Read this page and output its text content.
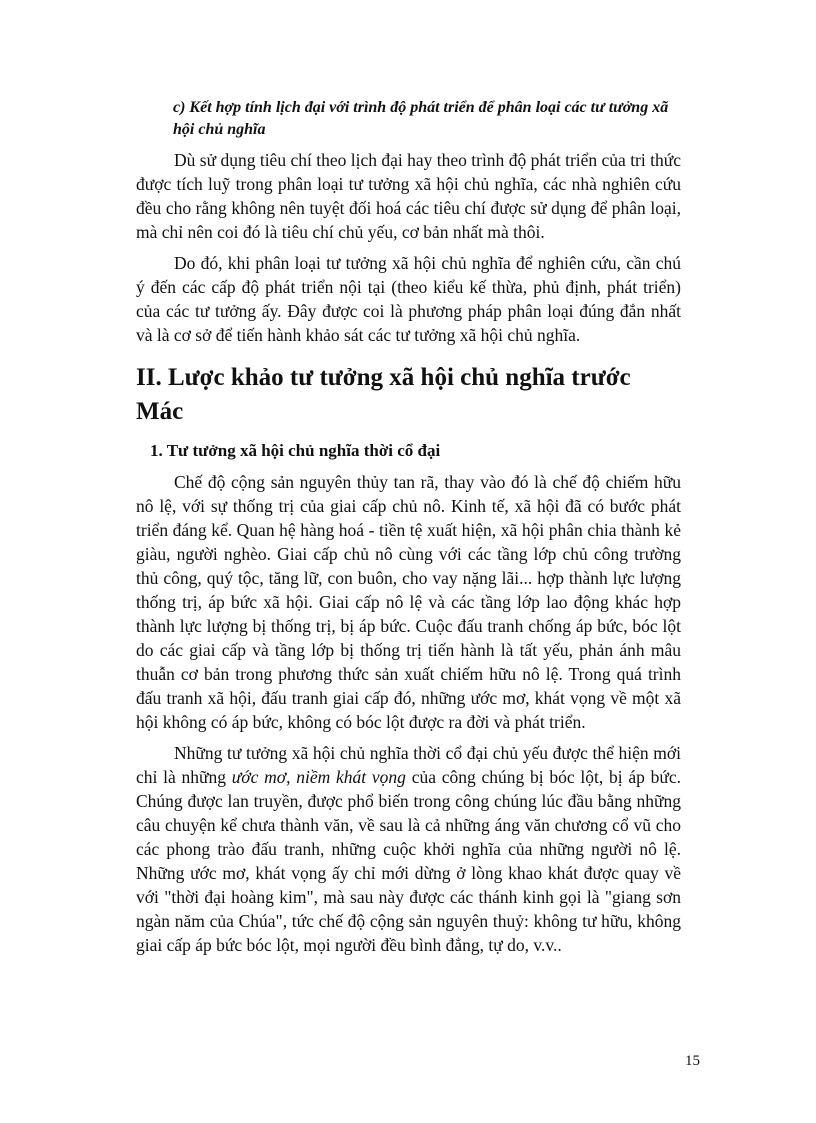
c) Kết hợp tính lịch đại với trình độ phát triển để phân loại các tư tưởng xã hội chủ nghĩa

Dù sử dụng tiêu chí theo lịch đại hay theo trình độ phát triển của tri thức được tích luỹ trong phân loại tư tưởng xã hội chủ nghĩa, các nhà nghiên cứu đều cho rằng không nên tuyệt đối hoá các tiêu chí được sử dụng để phân loại, mà chỉ nên coi đó là tiêu chí chủ yếu, cơ bản nhất mà thôi.

Do đó, khi phân loại tư tưởng xã hội chủ nghĩa để nghiên cứu, cần chú ý đến các cấp độ phát triển nội tại (theo kiểu kế thừa, phủ định, phát triển) của các tư tưởng ấy. Đây được coi là phương pháp phân loại đúng đắn nhất và là cơ sở để tiến hành khảo sát các tư tưởng xã hội chủ nghĩa.

II. Lược khảo tư tưởng xã hội chủ nghĩa trước Mác
1. Tư tưởng xã hội chủ nghĩa thời cổ đại

Chế độ cộng sản nguyên thủy tan rã, thay vào đó là chế độ chiếm hữu nô lệ, với sự thống trị của giai cấp chủ nô. Kinh tế, xã hội đã có bước phát triển đáng kể. Quan hệ hàng hoá - tiền tệ xuất hiện, xã hội phân chia thành kẻ giàu, người nghèo. Giai cấp chủ nô cùng với các tầng lớp chủ công trường thủ công, quý tộc, tăng lữ, con buôn, cho vay nặng lãi... hợp thành lực lượng thống trị, áp bức xã hội. Giai cấp nô lệ và các tầng lớp lao động khác hợp thành lực lượng bị thống trị, bị áp bức. Cuộc đấu tranh chống áp bức, bóc lột do các giai cấp và tầng lớp bị thống trị tiến hành là tất yếu, phản ánh mâu thuẫn cơ bản trong phương thức sản xuất chiếm hữu nô lệ. Trong quá trình đấu tranh xã hội, đấu tranh giai cấp đó, những ước mơ, khát vọng về một xã hội không có áp bức, không có bóc lột được ra đời và phát triển.

Những tư tưởng xã hội chủ nghĩa thời cổ đại chủ yếu được thể hiện mới chỉ là những ước mơ, niềm khát vọng của công chúng bị bóc lột, bị áp bức. Chúng được lan truyền, được phổ biến trong công chúng lúc đầu bằng những câu chuyện kể chưa thành văn, về sau là cả những áng văn chương cổ vũ cho các phong trào đấu tranh, những cuộc khởi nghĩa của những người nô lệ. Những ước mơ, khát vọng ấy chỉ mới dừng ở lòng khao khát được quay về với "thời đại hoàng kim", mà sau này được các thánh kinh gọi là "giang sơn ngàn năm của Chúa", tức chế độ cộng sản nguyên thuỷ: không tư hữu, không giai cấp áp bức bóc lột, mọi người đều bình đẳng, tự do, v.v..

15
